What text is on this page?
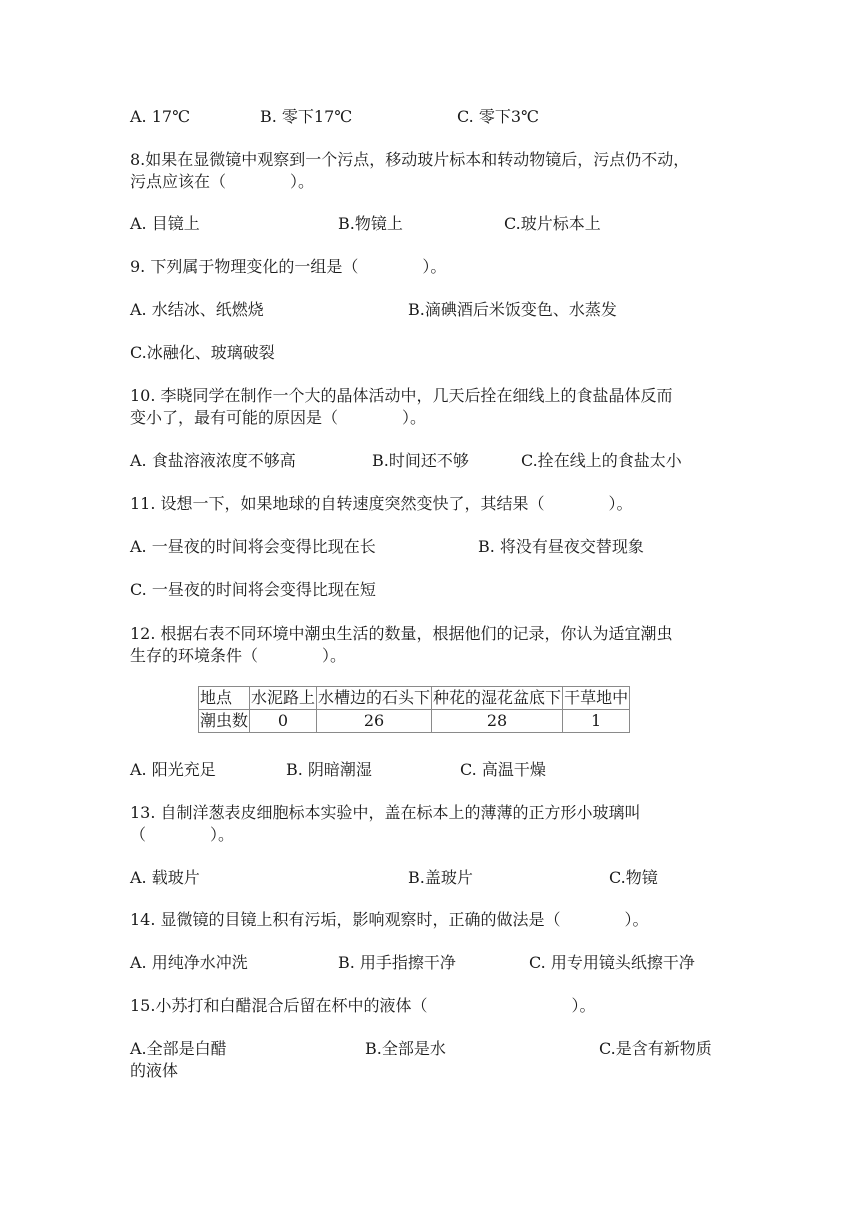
A. 17℃	B. 零下17℃	C. 零下3℃
8.如果在显微镜中观察到一个污点，移动玻片标本和转动物镜后，污点仍不动，
污点应该在（　　　　）。
A. 目镜上	B.物镜上	C.玻片标本上
9. 下列属于物理变化的一组是（　　　　）。
A. 水结冰、纸燃烧	B.滴碘酒后米饭变色、水蒸发
C.冰融化、玻璃破裂
10. 李晓同学在制作一个大的晶体活动中，几天后拴在细线上的食盐晶体反而
变小了，最有可能的原因是（　　　　）。
A. 食盐溶液浓度不够高	B.时间还不够	C.拴在线上的食盐太小
11. 设想一下，如果地球的自转速度突然变快了，其结果（　　　　）。
A. 一昼夜的时间将会变得比现在长	B. 将没有昼夜交替现象
C. 一昼夜的时间将会变得比现在短
12. 根据右表不同环境中潮虫生活的数量，根据他们的记录，你认为适宜潮虫
生存的环境条件（　　　　）。
地点	水泥路上	水槽边的石头下	种花的湿花盆底下	干草地中
潮虫数	0	26	28	1
A. 阳光充足	B. 阴暗潮湿	C. 高温干燥
13. 自制洋葱表皮细胞标本实验中，盖在标本上的薄薄的正方形小玻璃叫
（　　　　）。
A. 载玻片	B.盖玻片	C.物镜
14. 显微镜的目镜上积有污垢，影响观察时，正确的做法是（　　　　）。
A. 用纯净水冲洗	B. 用手指擦干净	C. 用专用镜头纸擦干净
15.小苏打和白醋混合后留在杯中的液体（　　　　　　　　　）。
A.全部是白醋	B.全部是水	C.是含有新物质
的液体
